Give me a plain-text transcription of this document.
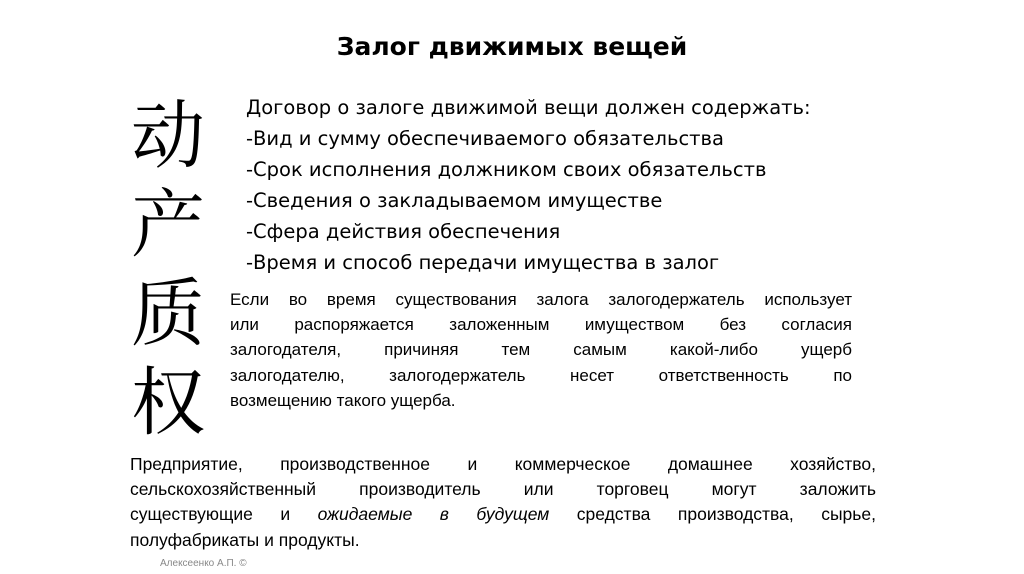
Залог движимых вещей
动
产
质
权
Договор о залоге движимой вещи должен содержать:
-Вид и сумму обеспечиваемого обязательства
-Срок исполнения должником своих обязательств
-Сведения о закладываемом имуществе
-Сфера действия обеспечения
-Время и способ передачи имущества в залог
Если во время существования залога залогодержатель использует
или распоряжается заложенным имуществом без согласия
залогодателя, причиняя тем самым какой-либо ущерб
залогодателю, залогодержатель несет ответственность по
возмещению такого ущерба.
Предприятие, производственное и коммерческое домашнее хозяйство,
сельскохозяйственный производитель или торговец могут заложить
существующие и ожидаемые в будущем средства производства, сырье,
полуфабрикаты и продукты.
Алексеенко А.П. ©
